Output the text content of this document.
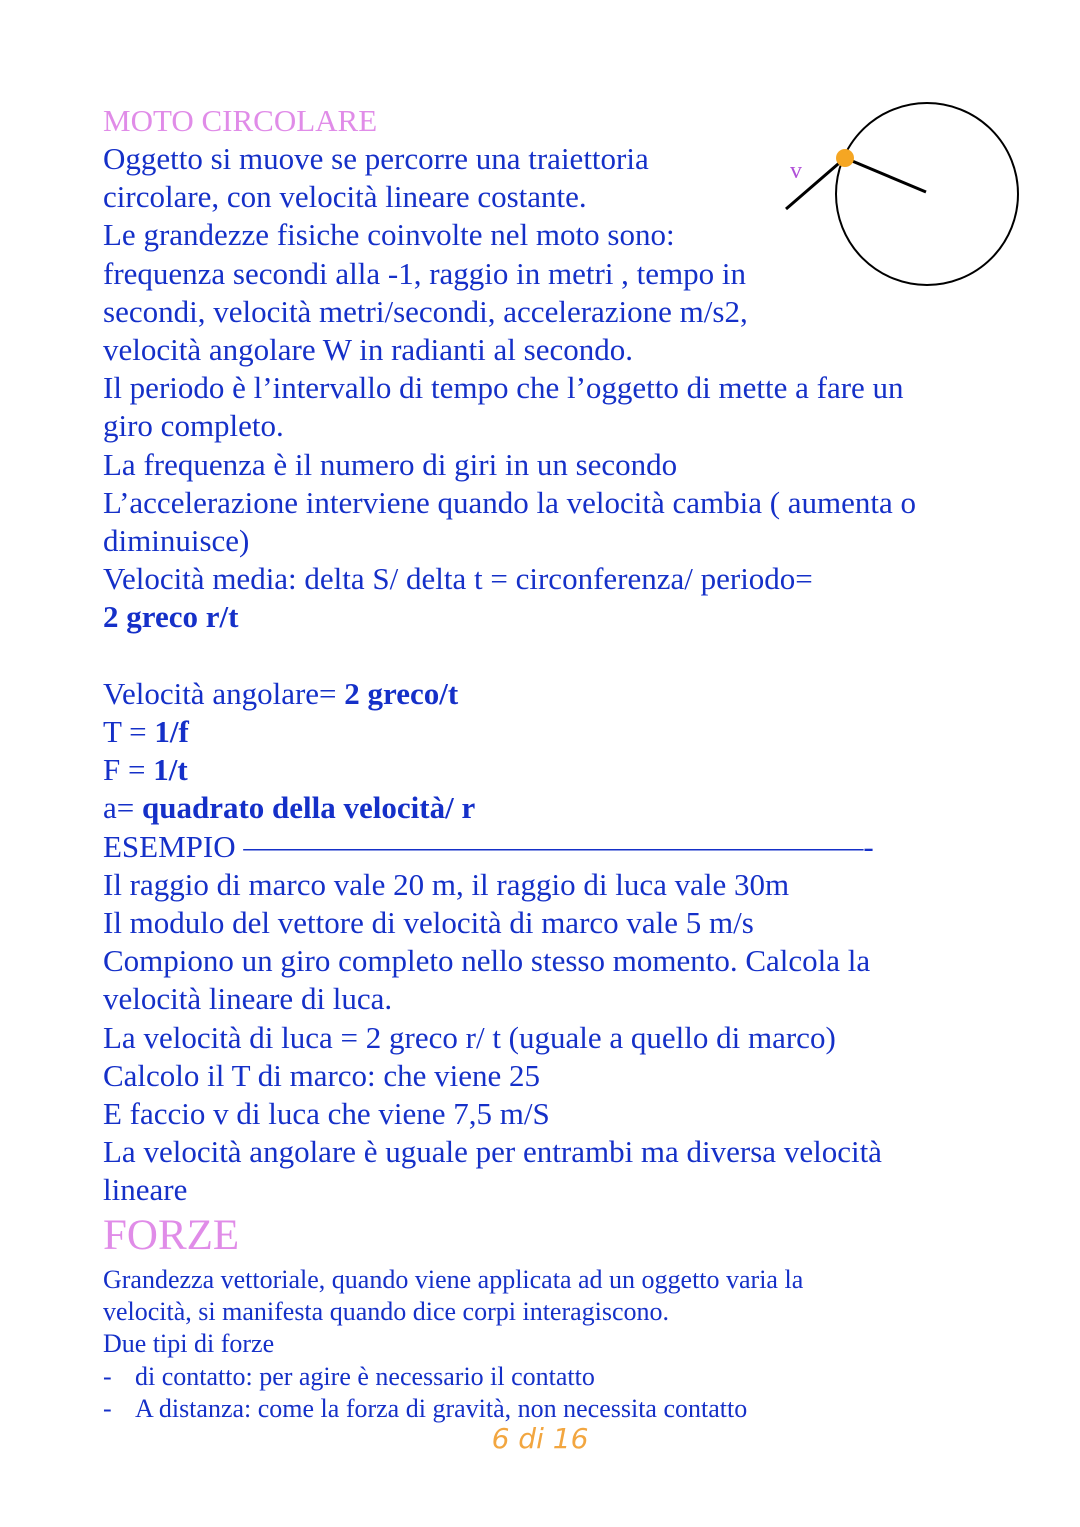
v

MOTO CIRCOLARE

Oggetto si muove se percorre una traiettoria

circolare, con velocità lineare costante.

Le grandezze fisiche coinvolte nel moto sono:

frequenza secondi alla -1, raggio in metri , tempo in

secondi, velocità metri/secondi, accelerazione m/s2,

velocità angolare W in radianti al secondo.

Il periodo è l’intervallo di tempo che l’oggetto di mette a fare un

giro completo.

La frequenza è il numero di giri in un secondo

L’accelerazione interviene quando la velocità cambia ( aumenta o

diminuisce)

Velocità media: delta S/ delta t = circonferenza/ periodo=

2 greco r/t

Velocità angolare= 2 greco/t

T = 1/f

F = 1/t

a= quadrato della velocità/ r

ESEMPIO ————————————————————-

Il raggio di marco vale 20 m, il raggio di luca vale 30m

Il modulo del vettore di velocità di marco vale 5 m/s

Compiono un giro completo nello stesso momento. Calcola la

velocità lineare di luca.

La velocità di luca = 2 greco r/ t (uguale a quello di marco)

Calcolo il T di marco: che viene 25

E faccio v di luca che viene 7,5 m/S

La velocità angolare è uguale per entrambi ma diversa velocità

lineare

FORZE

Grandezza vettoriale, quando viene applicata ad un oggetto varia la

velocità, si manifesta quando dice corpi interagiscono.

Due tipi di forze

- di contatto: per agire è necessario il contatto
- A distanza: come la forza di gravità, non necessita contatto
6 di 16
